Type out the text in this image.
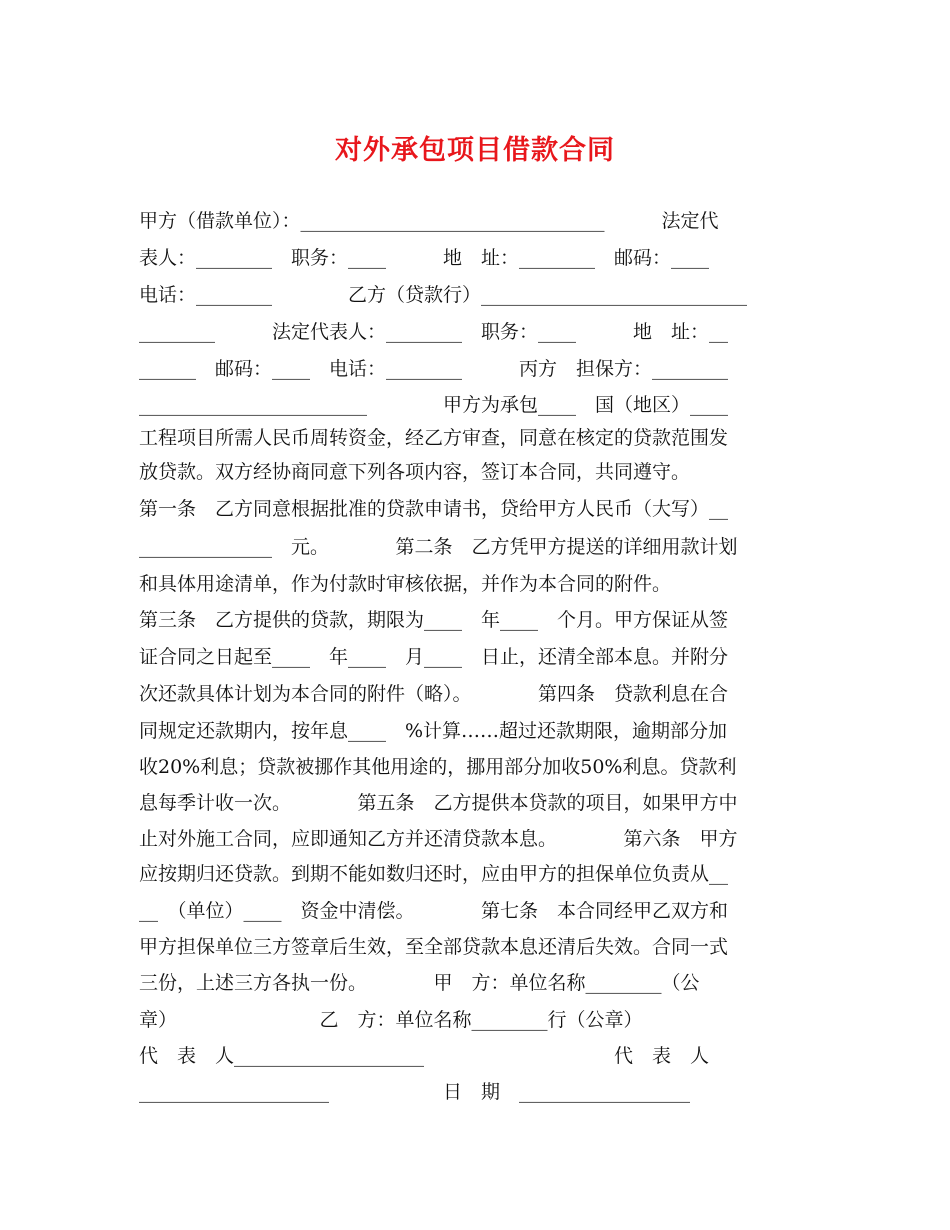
对外承包项目借款合同
甲方（借款单位）：________________________________　　　法定代
表人：________　职务：____　　　地　址：________　邮码：____
电话：________　　　　乙方（贷款行）____________________________
________　　　法定代表人：________　职务：____　　　地　址：__
______　邮码：____　电话：________　　　丙方　担保方：________
________________________　　　　甲方为承包____　国（地区）____
工程项目所需人民币周转资金，经乙方审查，同意在核定的贷款范围发
放贷款。双方经协商同意下列各项内容，签订本合同，共同遵守。
第一条　乙方同意根据批准的贷款申请书，贷给甲方人民币（大写）__
______________　元。　　　　第二条　乙方凭甲方提送的详细用款计划
和具体用途清单，作为付款时审核依据，并作为本合同的附件。
第三条　乙方提供的贷款，期限为____　年____　个月。甲方保证从签
证合同之日起至____　年____　月____　日止，还清全部本息。并附分
次还款具体计划为本合同的附件（略）。　　　　第四条　贷款利息在合
同规定还款期内，按年息____　%计算……超过还款期限，逾期部分加
收20%利息；贷款被挪作其他用途的，挪用部分加收50%利息。贷款利
息每季计收一次。　　　　第五条　乙方提供本贷款的项目，如果甲方中
止对外施工合同，应即通知乙方并还清贷款本息。　　　　第六条　甲方
应按期归还贷款。到期不能如数归还时，应由甲方的担保单位负责从__
__　（单位）____　资金中清偿。　　　　第七条　本合同经甲乙双方和
甲方担保单位三方签章后生效，至全部贷款本息还清后失效。合同一式
三份，上述三方各执一份。　　　　甲　方：单位名称________（公
章）　　　　　　　　乙　方：单位名称________行（公章）
代　表　人____________________　　　　　　　　　　代　表　人
____________________　　　　　　日　期　__________________
